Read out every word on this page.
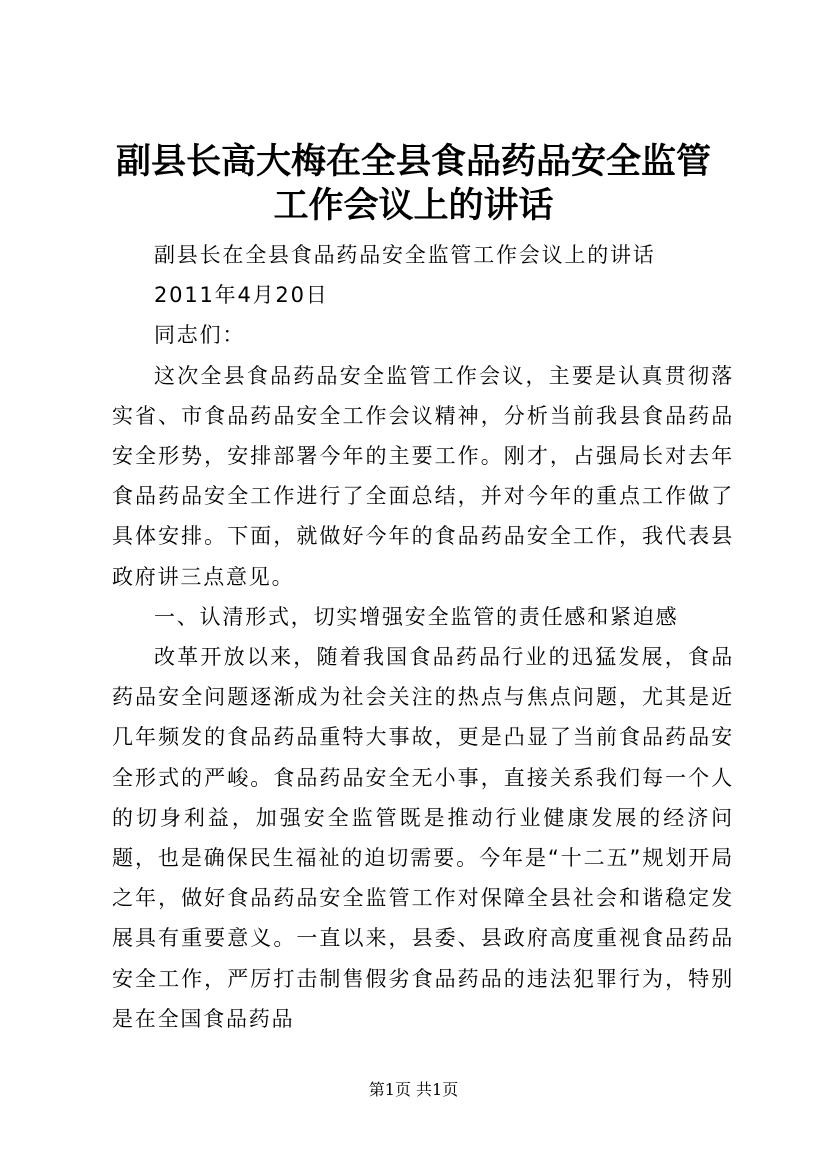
副县长高大梅在全县食品药品安全监管工作会议上的讲话

副县长在全县食品药品安全监管工作会议上的讲话

2011年4月20日

同志们：

这次全县食品药品安全监管工作会议，主要是认真贯彻落实省、市食品药品安全工作会议精神，分析当前我县食品药品安全形势，安排部署今年的主要工作。刚才，占强局长对去年食品药品安全工作进行了全面总结，并对今年的重点工作做了具体安排。下面，就做好今年的食品药品安全工作，我代表县政府讲三点意见。

一、认清形式，切实增强安全监管的责任感和紧迫感

改革开放以来，随着我国食品药品行业的迅猛发展，食品药品安全问题逐渐成为社会关注的热点与焦点问题，尤其是近几年频发的食品药品重特大事故，更是凸显了当前食品药品安全形式的严峻。食品药品安全无小事，直接关系我们每一个人的切身利益，加强安全监管既是推动行业健康发展的经济问题，也是确保民生福祉的迫切需要。今年是“十二五”规划开局之年，做好食品药品安全监管工作对保障全县社会和谐稳定发展具有重要意义。一直以来，县委、县政府高度重视食品药品安全工作，严厉打击制售假劣食品药品的违法犯罪行为，特别是在全国食品药品

第1页 共1页
